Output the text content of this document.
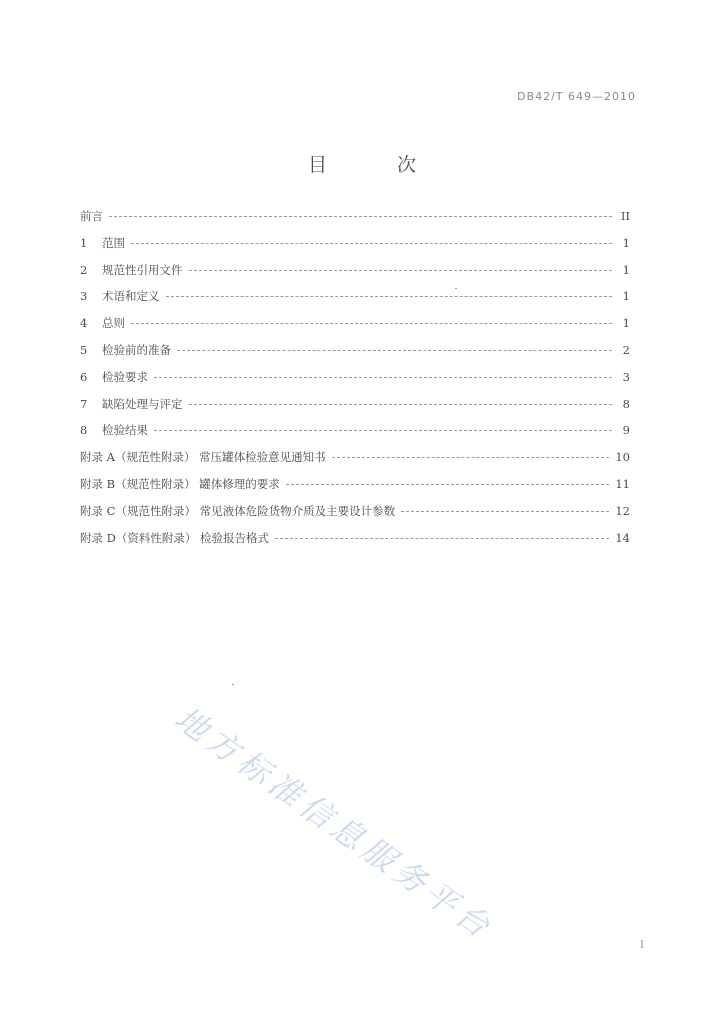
DB42/T 649—2010
目 次
前言	II
1	范围	1
2	规范性引用文件	1
3	术语和定义	1
4	总则	1
5	检验前的准备	2
6	检验要求	3
7	缺陷处理与评定	8
8	检验结果	9
附录 A（规范性附录） 常压罐体检验意见通知书	10
附录 B（规范性附录） 罐体修理的要求	11
附录 C（规范性附录） 常见液体危险货物介质及主要设计参数	12
附录 D（资料性附录） 检验报告格式	14
地方标准信息服务平台	I
